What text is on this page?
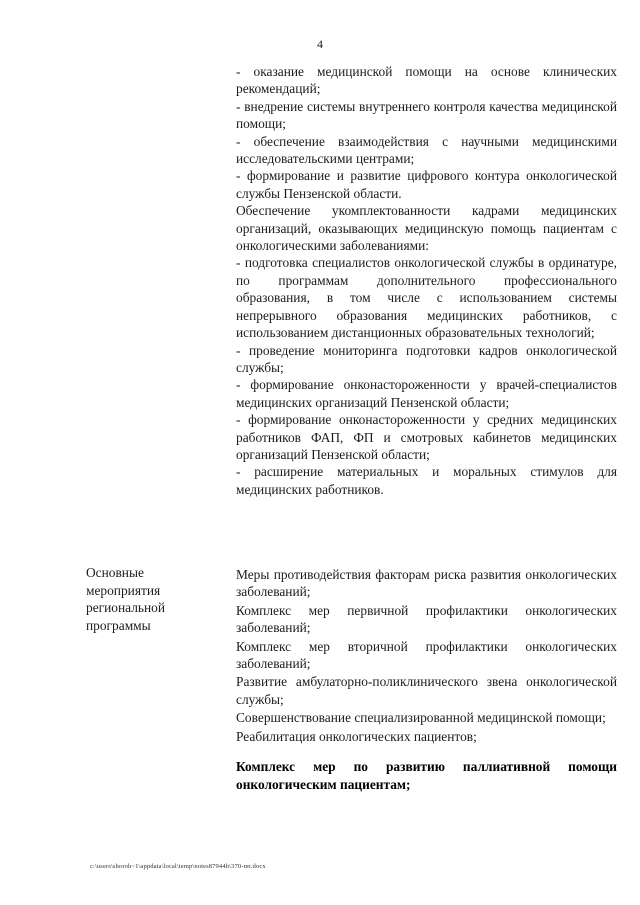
4

- оказание медицинской помощи на основе клинических рекомендаций;

- внедрение системы внутреннего контроля качества медицинской помощи;

- обеспечение взаимодействия с научными медицинскими исследовательскими центрами;

- формирование и развитие цифрового контура онкологической службы Пензенской области.

Обеспечение укомплектованности кадрами медицинских организаций, оказывающих медицинскую помощь пациентам с онкологическими заболеваниями:

- подготовка специалистов онкологической службы в ординатуре, по программам дополнительного профессионального образования, в том числе с использованием системы непрерывного образования медицинских работников, с использованием дистанционных образовательных технологий;

- проведение мониторинга подготовки кадров онкологической службы;

- формирование онконастороженности у врачей-специалистов медицинских организаций Пензенской области;

- формирование онконастороженности у средних медицинских работников ФАП, ФП и смотровых кабинетов медицинских организаций Пензенской области;

- расширение материальных и моральных стимулов для медицинских работников.

Основные мероприятия региональной программы

Меры противодействия факторам риска развития онкологических заболеваний;

Комплекс мер первичной профилактики онкологических заболеваний;

Комплекс мер вторичной профилактики онкологических заболеваний;

Развитие амбулаторно-поликлинического звена онкологической службы;

Совершенствование специализированной медицинской помощи;

Реабилитация онкологических пациентов;

Комплекс мер по развитию паллиативной помощи онкологическим пациентам;

c:\users\shoroh~1\appdata\local\temp\notes87944b\370-пп.docx
